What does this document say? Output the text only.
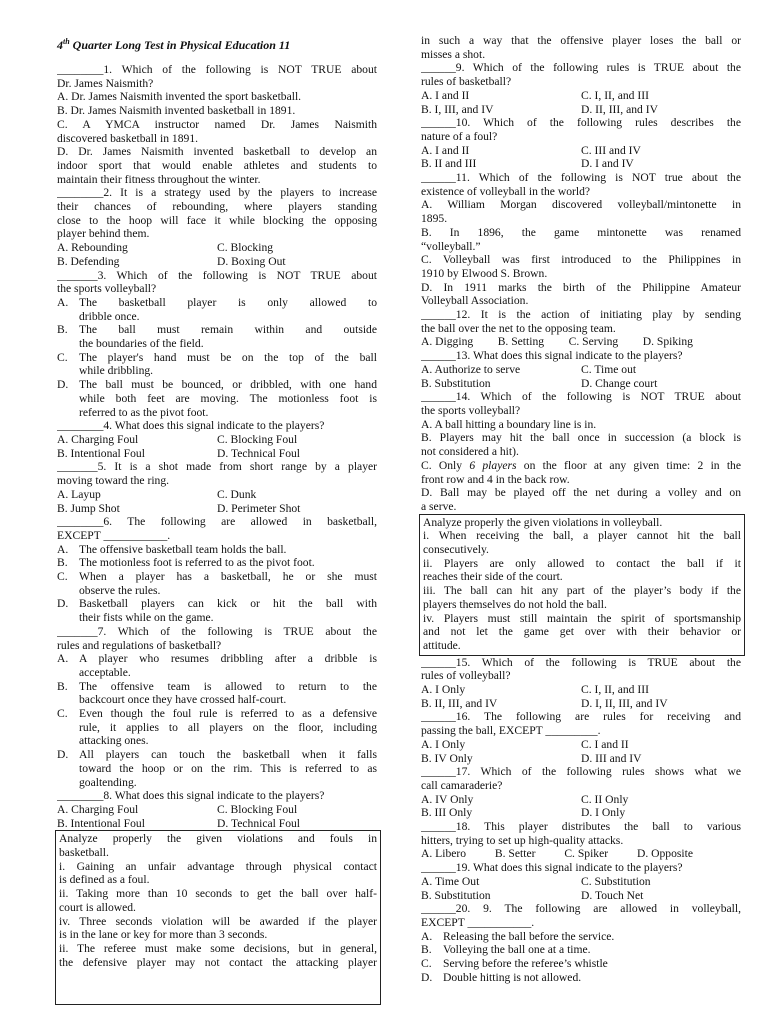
4th Quarter Long Test in Physical Education 11
________1. Which of the following is NOT TRUE about
Dr. James Naismith?
A. Dr. James Naismith invented the sport basketball.
B. Dr. James Naismith invented basketball in 1891.
C. A YMCA instructor named Dr. James Naismith
discovered basketball in 1891.
D. Dr. James Naismith invented basketball to develop an
indoor sport that would enable athletes and students to
maintain their fitness throughout the winter.
________2. It is a strategy used by the players to increase
their chances of rebounding, where players standing
close to the hoop will face it while blocking the opposing
player behind them.
A. Rebounding	C. Blocking
B. Defending	D. Boxing Out
_______3. Which of the following is NOT TRUE about
the sports volleyball?
A. The basketball player is only allowed to
dribble once.
B. The ball must remain within and outside
the boundaries of the field.
C. The player's hand must be on the top of the ball
while dribbling.
D. The ball must be bounced, or dribbled, with one hand
while both feet are moving. The motionless foot is
referred to as the pivot foot.
________4. What does this signal indicate to the players?
A. Charging Foul	C. Blocking Foul
B. Intentional Foul	D. Technical Foul
_______5. It is a shot made from short range by a player
moving toward the ring.
A. Layup	C. Dunk
B. Jump Shot	D. Perimeter Shot
________6. The following are allowed in basketball,
EXCEPT ___________.
A. The offensive basketball team holds the ball.
B. The motionless foot is referred to as the pivot foot.
C. When a player has a basketball, he or she must
observe the rules.
D. Basketball players can kick or hit the ball with
their fists while on the game.
_______7. Which of the following is TRUE about the
rules and regulations of basketball?
A. A player who resumes dribbling after a dribble is
acceptable.
B. The offensive team is allowed to return to the
backcourt once they have crossed half-court.
C. Even though the foul rule is referred to as a defensive
rule, it applies to all players on the floor, including
attacking ones.
D. All players can touch the basketball when it falls
toward the hoop or on the rim. This is referred to as
goaltending.
________8. What does this signal indicate to the players?
A. Charging Foul	C. Blocking Foul
B. Intentional Foul	D. Technical Foul
Analyze properly the given violations and fouls in
basketball.
i. Gaining an unfair advantage through physical contact
is defined as a foul.
ii. Taking more than 10 seconds to get the ball over half-
court is allowed.
iv. Three seconds violation will be awarded if the player
is in the lane or key for more than 3 seconds.
ii. The referee must make some decisions, but in general,
the defensive player may not contact the attacking player
in such a way that the offensive player loses the ball or
misses a shot.
______9. Which of the following rules is TRUE about the
rules of basketball?
A. I and II	C. I, II, and III
B. I, III, and IV	D. II, III, and IV
______10. Which of the following rules describes the
nature of a foul?
A. I and II	C. III and IV
B. II and III	D. I and IV
______11. Which of the following is NOT true about the
existence of volleyball in the world?
A. William Morgan discovered volleyball/mintonette in
1895.
B. In 1896, the game mintonette was renamed
“volleyball.”
C. Volleyball was first introduced to the Philippines in
1910 by Elwood S. Brown.
D. In 1911 marks the birth of the Philippine Amateur
Volleyball Association.
______12. It is the action of initiating play by sending
the ball over the net to the opposing team.
A. Digging B. Setting C. Serving D. Spiking
______13. What does this signal indicate to the players?
A. Authorize to serve	C. Time out
B. Substitution	D. Change court
______14. Which of the following is NOT TRUE about
the sports volleyball?
A. A ball hitting a boundary line is in.
B. Players may hit the ball once in succession (a block is
not considered a hit).
C. Only 6 players on the floor at any given time: 2 in the
front row and 4 in the back row.
D. Ball may be played off the net during a volley and on
a serve.
Analyze properly the given violations in volleyball.
i. When receiving the ball, a player cannot hit the ball
consecutively.
ii. Players are only allowed to contact the ball if it
reaches their side of the court.
iii. The ball can hit any part of the player’s body if the
players themselves do not hold the ball.
iv. Players must still maintain the spirit of sportsmanship
and not let the game get over with their behavior or
attitude.
______15. Which of the following is TRUE about the
rules of volleyball?
A. I Only	C. I, II, and III
B. II, III, and IV	D. I, II, III, and IV
______16. The following are rules for receiving and
passing the ball, EXCEPT _________.
A. I Only	C. I and II
B. IV Only	D. III and IV
______17. Which of the following rules shows what we
call camaraderie?
A. IV Only	C. II Only
B. III Only	D. I Only
______18. This player distributes the ball to various
hitters, trying to set up high-quality attacks.
A. Libero B. Setter C. Spiker D. Opposite
______19. What does this signal indicate to the players?
A. Time Out	C. Substitution
B. Substitution	D. Touch Net
______20. 9. The following are allowed in volleyball,
EXCEPT ___________.
A. Releasing the ball before the service.
B. Volleying the ball one at a time.
C. Serving before the referee’s whistle
D. Double hitting is not allowed.
